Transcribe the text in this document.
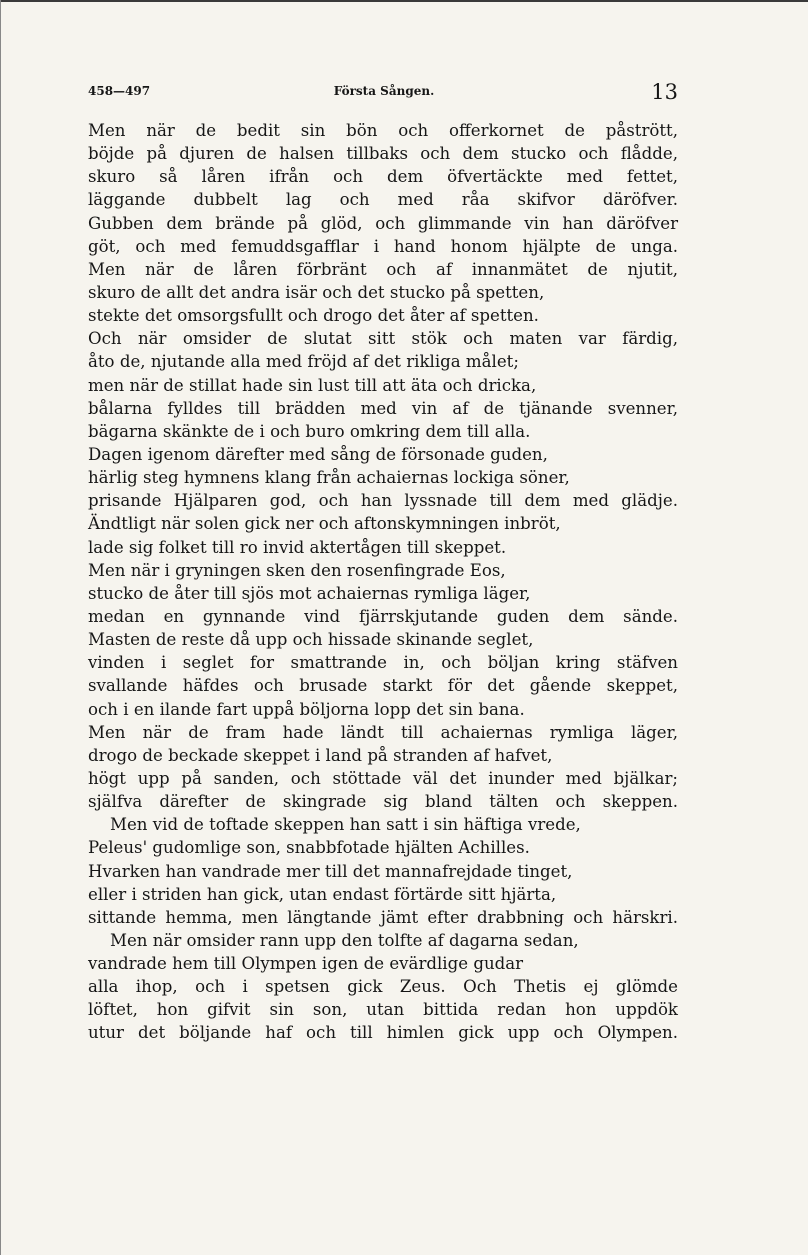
458—497	Första Sången.	13
Men när de bedit sin bön och offerkornet de påstrött,
böjde på djuren de halsen tillbaks och dem stucko och flådde,
skuro så låren ifrån och dem öfvertäckte med fettet,
läggande dubbelt lag och med råa skifvor däröfver.
Gubben dem brände på glöd, och glimmande vin han däröfver
göt, och med femuddsgafflar i hand honom hjälpte de unga.
Men när de låren förbränt och af innanmätet de njutit,
skuro de allt det andra isär och det stucko på spetten,
stekte det omsorgsfullt och drogo det åter af spetten.
Och när omsider de slutat sitt stök och maten var färdig,
åto de, njutande alla med fröjd af det rikliga målet;
men när de stillat hade sin lust till att äta och dricka,
bålarna fylldes till brädden med vin af de tjänande svenner,
bägarna skänkte de i och buro omkring dem till alla.
Dagen igenom därefter med sång de försonade guden,
härlig steg hymnens klang från achaiernas lockiga söner,
prisande Hjälparen god, och han lyssnade till dem med glädje.
Ändtligt när solen gick ner och aftonskymningen inbröt,
lade sig folket till ro invid aktertågen till skeppet.
Men när i gryningen sken den rosenfingrade Eos,
stucko de åter till sjös mot achaiernas rymliga läger,
medan en gynnande vind fjärrskjutande guden dem sände.
Masten de reste då upp och hissade skinande seglet,
vinden i seglet for smattrande in, och böljan kring stäfven
svallande häfdes och brusade starkt för det gående skeppet,
och i en ilande fart uppå böljorna lopp det sin bana.
Men när de fram hade ländt till achaiernas rymliga läger,
drogo de beckade skeppet i land på stranden af hafvet,
högt upp på sanden, och stöttade väl det inunder med bjälkar;
själfva därefter de skingrade sig bland tälten och skeppen.
Men vid de toftade skeppen han satt i sin häftiga vrede,
Peleus' gudomlige son, snabbfotade hjälten Achilles.
Hvarken han vandrade mer till det mannafrejdade tinget,
eller i striden han gick, utan endast förtärde sitt hjärta,
sittande hemma, men längtande jämt efter drabbning och härskri.
Men när omsider rann upp den tolfte af dagarna sedan,
vandrade hem till Olympen igen de evärdlige gudar
alla ihop, och i spetsen gick Zeus. Och Thetis ej glömde
löftet, hon gifvit sin son, utan bittida redan hon uppdök
utur det böljande haf och till himlen gick upp och Olympen.
